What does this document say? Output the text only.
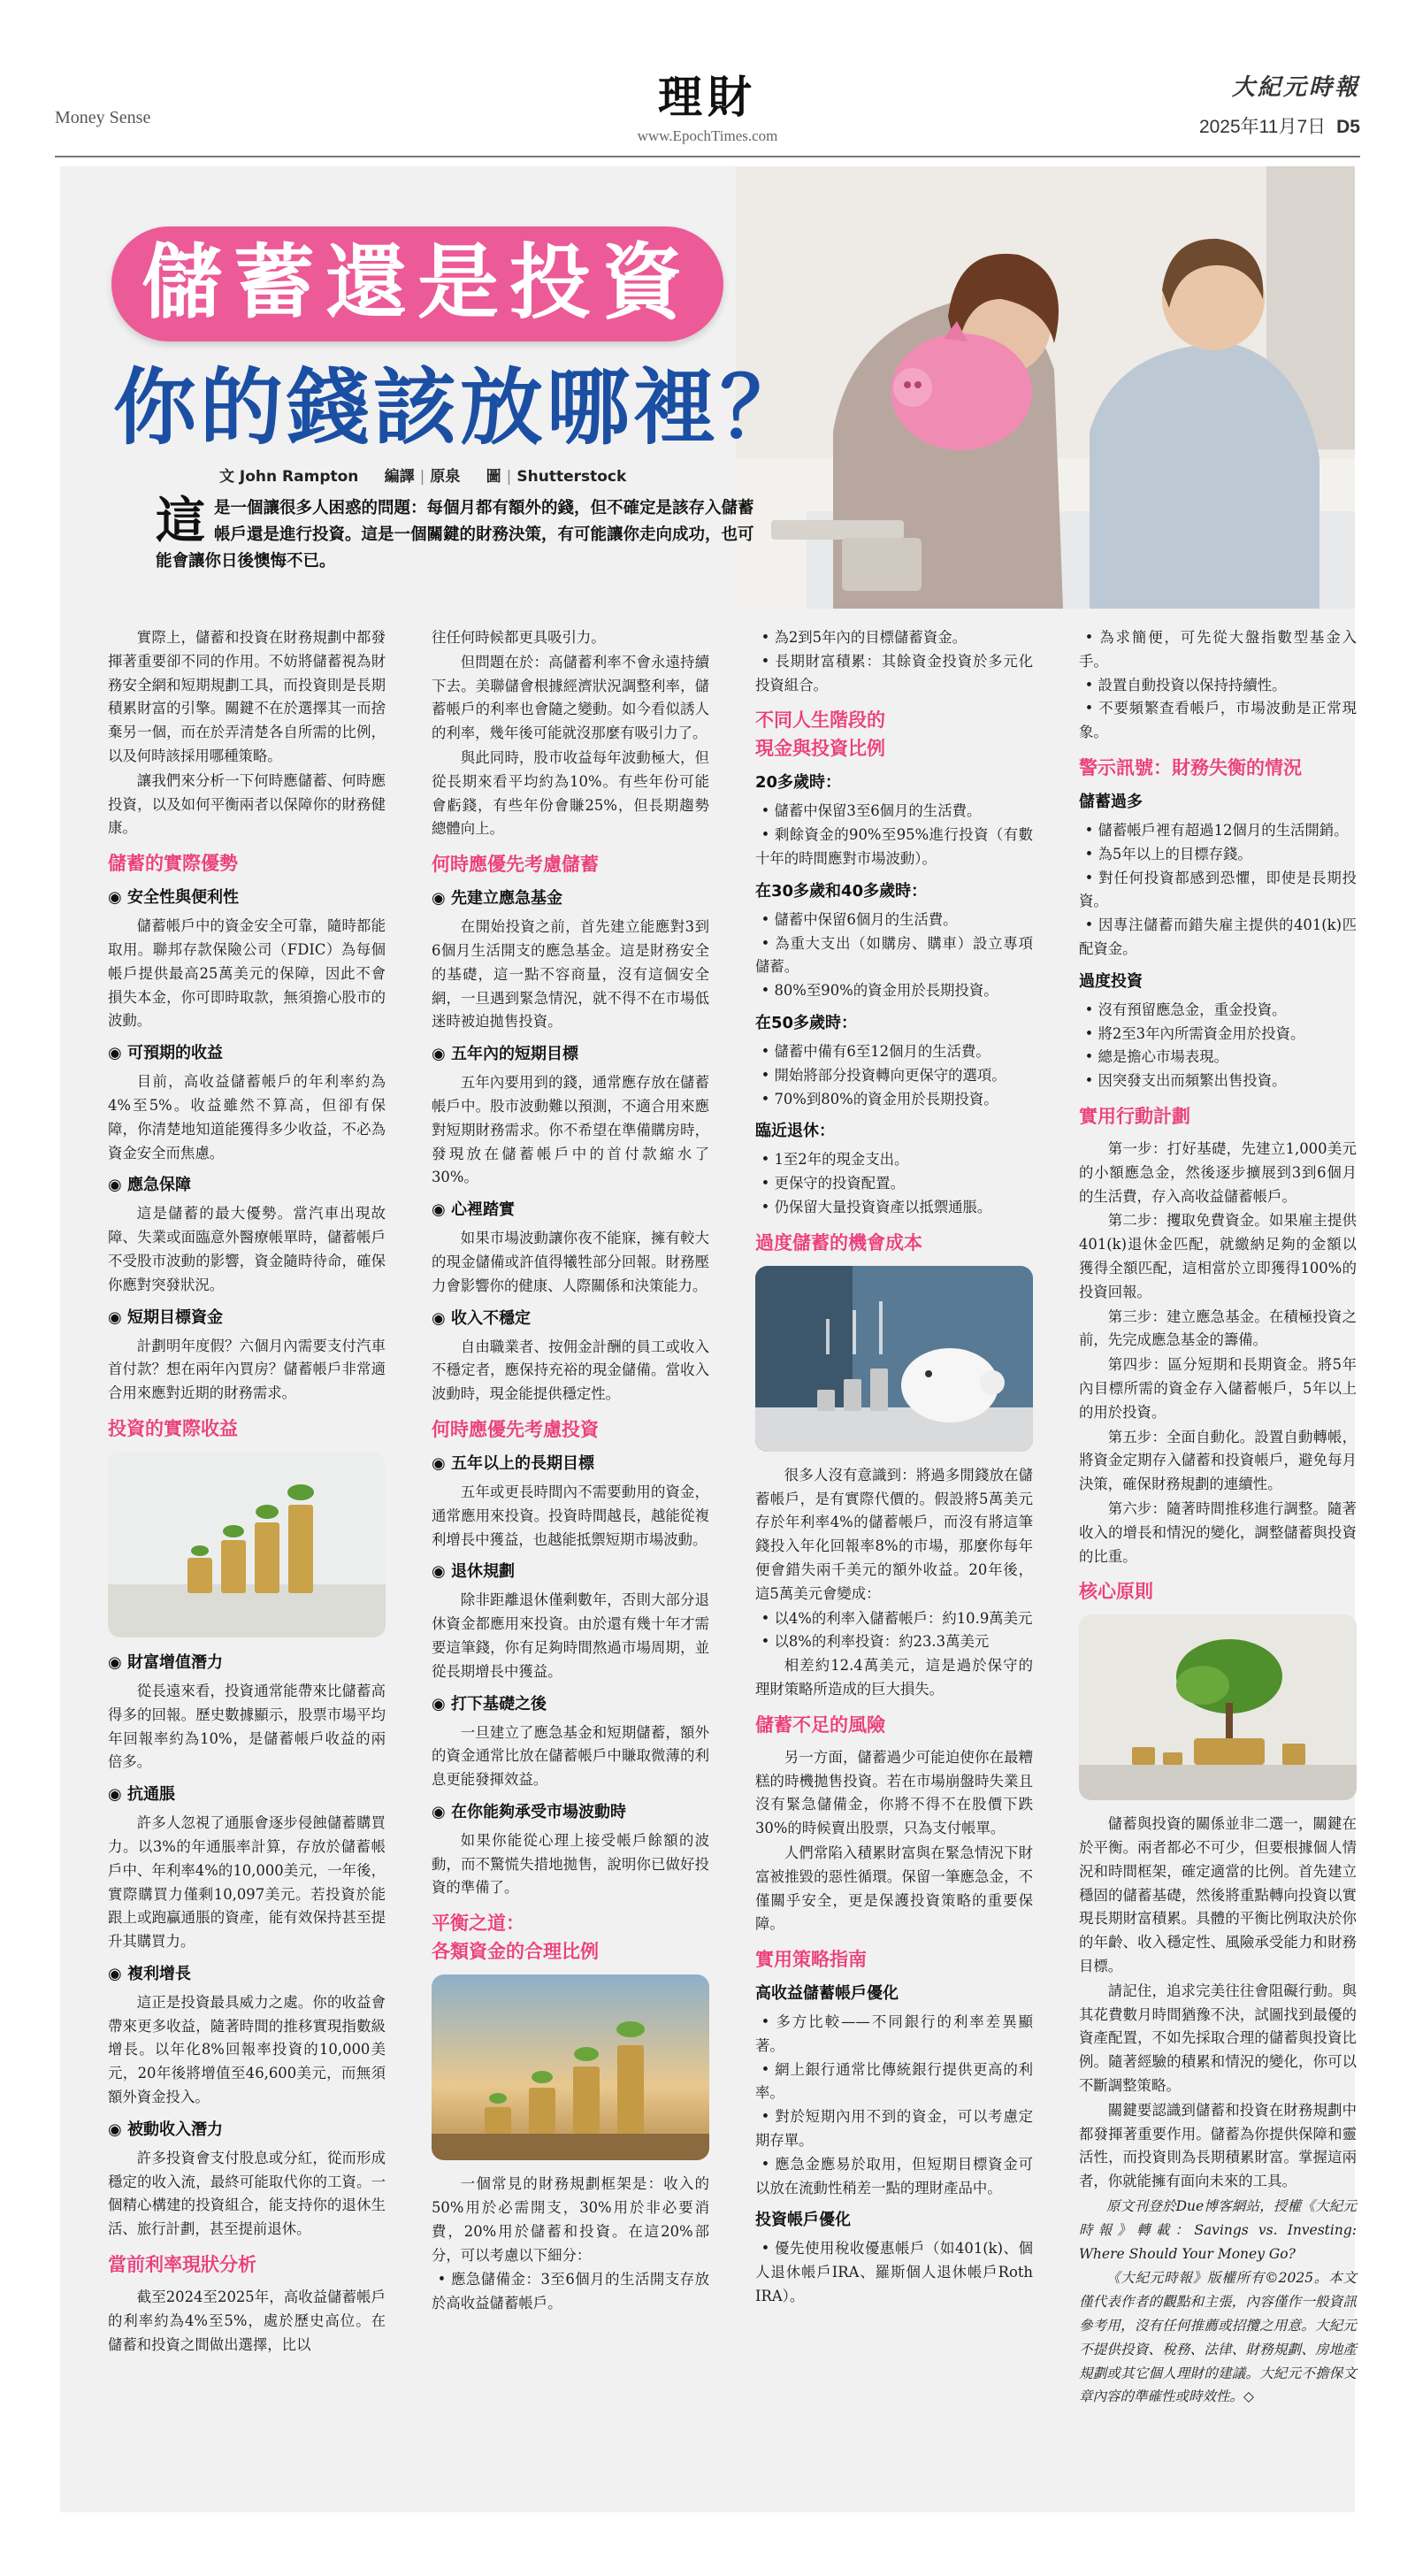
Money Sense	理財
www.EpochTimes.com
大紀元時報
2025年11月7日 D5
儲蓄還是投資
你的錢該放哪裡？
文 John Rampton 編譯 | 原泉 圖 | Shutterstock
這是一個讓很多人困惑的問題：每個月都有額外的錢，但不確定是該存入儲蓄帳戶還是進行投資。這是一個關鍵的財務決策，有可能讓你走向成功，也可能會讓你日後懊悔不已。

實際上，儲蓄和投資在財務規劃中都發揮著重要卻不同的作用。不妨將儲蓄視為財務安全網和短期規劃工具，而投資則是長期積累財富的引擎。關鍵不在於選擇其一而捨棄另一個，而在於弄清楚各自所需的比例，以及何時該採用哪種策略。

讓我們來分析一下何時應儲蓄、何時應投資，以及如何平衡兩者以保障你的財務健康。

儲蓄的實際優勢
◉ 安全性與便利性

儲蓄帳戶中的資金安全可靠，隨時都能取用。聯邦存款保險公司（FDIC）為每個帳戶提供最高25萬美元的保障，因此不會損失本金，你可即時取款，無須擔心股市的波動。

◉ 可預期的收益

目前，高收益儲蓄帳戶的年利率約為4%至5%。收益雖然不算高，但卻有保障，你清楚地知道能獲得多少收益，不必為資金安全而焦慮。

◉ 應急保障

這是儲蓄的最大優勢。當汽車出現故障、失業或面臨意外醫療帳單時，儲蓄帳戶不受股市波動的影響，資金隨時待命，確保你應對突發狀況。

◉ 短期目標資金

計劃明年度假？六個月內需要支付汽車首付款？想在兩年內買房？儲蓄帳戶非常適合用來應對近期的財務需求。

投資的實際收益
◉ 財富增值潛力

從長遠來看，投資通常能帶來比儲蓄高得多的回報。歷史數據顯示，股票市場平均年回報率約為10%，是儲蓄帳戶收益的兩倍多。

◉ 抗通脹

許多人忽視了通脹會逐步侵蝕儲蓄購買力。以3%的年通脹率計算，存放於儲蓄帳戶中、年利率4%的10,000美元，一年後，實際購買力僅剩10,097美元。若投資於能跟上或跑贏通脹的資產，能有效保持甚至提升其購買力。

◉ 複利增長

這正是投資最具威力之處。你的收益會帶來更多收益，隨著時間的推移實現指數級增長。以年化8%回報率投資的10,000美元，20年後將增值至46,600美元，而無須額外資金投入。

◉ 被動收入潛力

許多投資會支付股息或分紅，從而形成穩定的收入流，最終可能取代你的工資。一個精心構建的投資組合，能支持你的退休生活、旅行計劃，甚至提前退休。

當前利率現狀分析

截至2024至2025年，高收益儲蓄帳戶的利率約為4%至5%，處於歷史高位。在儲蓄和投資之間做出選擇，比以

往任何時候都更具吸引力。

但問題在於：高儲蓄利率不會永遠持續下去。美聯儲會根據經濟狀況調整利率，儲蓄帳戶的利率也會隨之變動。如今看似誘人的利率，幾年後可能就沒那麼有吸引力了。

與此同時，股市收益每年波動極大，但從長期來看平均約為10%。有些年份可能會虧錢，有些年份會賺25%，但長期趨勢總體向上。

何時應優先考慮儲蓄
◉ 先建立應急基金

在開始投資之前，首先建立能應對3到6個月生活開支的應急基金。這是財務安全的基礎，這一點不容商量，沒有這個安全網，一旦遇到緊急情況，就不得不在市場低迷時被迫拋售投資。

◉ 五年內的短期目標

五年內要用到的錢，通常應存放在儲蓄帳戶中。股市波動難以預測，不適合用來應對短期財務需求。你不希望在準備購房時，發現放在儲蓄帳戶中的首付款縮水了30%。

◉ 心裡踏實

如果市場波動讓你夜不能寐，擁有較大的現金儲備或許值得犧牲部分回報。財務壓力會影響你的健康、人際關係和決策能力。

◉ 收入不穩定

自由職業者、按佣金計酬的員工或收入不穩定者，應保持充裕的現金儲備。當收入波動時，現金能提供穩定性。

何時應優先考慮投資
◉ 五年以上的長期目標

五年或更長時間內不需要動用的資金，通常應用來投資。投資時間越長，越能從複利增長中獲益，也越能抵禦短期市場波動。

◉ 退休規劃

除非距離退休僅剩數年，否則大部分退休資金都應用來投資。由於還有幾十年才需要這筆錢，你有足夠時間熬過市場周期，並從長期增長中獲益。

◉ 打下基礎之後

一旦建立了應急基金和短期儲蓄，額外的資金通常比放在儲蓄帳戶中賺取微薄的利息更能發揮效益。

◉ 在你能夠承受市場波動時

如果你能從心理上接受帳戶餘額的波動，而不驚慌失措地拋售，說明你已做好投資的準備了。

平衡之道：
各類資金的合理比例

一個常見的財務規劃框架是：收入的50%用於必需開支，30%用於非必要消費，20%用於儲蓄和投資。在這20%部分，可以考慮以下細分：

• 應急儲備金：3至6個月的生活開支存放於高收益儲蓄帳戶。
• 為2到5年內的目標儲蓄資金。
• 長期財富積累：其餘資金投資於多元化投資組合。
不同人生階段的
現金與投資比例
20多歲時：
• 儲蓄中保留3至6個月的生活費。
• 剩餘資金的90%至95%進行投資（有數十年的時間應對市場波動）。
在30多歲和40多歲時：
• 儲蓄中保留6個月的生活費。
• 為重大支出（如購房、購車）設立專項儲蓄。
• 80%至90%的資金用於長期投資。
在50多歲時：
• 儲蓄中備有6至12個月的生活費。
• 開始將部分投資轉向更保守的選項。
• 70%到80%的資金用於長期投資。
臨近退休：
• 1至2年的現金支出。
• 更保守的投資配置。
• 仍保留大量投資資產以抵禦通脹。
過度儲蓄的機會成本

很多人沒有意識到：將過多閒錢放在儲蓄帳戶，是有實際代價的。假設將5萬美元存於年利率4%的儲蓄帳戶，而沒有將這筆錢投入年化回報率8%的市場，那麼你每年便會錯失兩千美元的額外收益。20年後，這5萬美元會變成：

• 以4%的利率入儲蓄帳戶：約10.9萬美元
• 以8%的利率投資：約23.3萬美元

相差約12.4萬美元，這是過於保守的理財策略所造成的巨大損失。

儲蓄不足的風險

另一方面，儲蓄過少可能迫使你在最糟糕的時機拋售投資。若在市場崩盤時失業且沒有緊急儲備金，你將不得不在股價下跌30%的時候賣出股票，只為支付帳單。

人們常陷入積累財富與在緊急情況下財富被推毀的惡性循環。保留一筆應急金，不僅關乎安全，更是保護投資策略的重要保障。

實用策略指南
高收益儲蓄帳戶優化
• 多方比較——不同銀行的利率差異顯著。
• 網上銀行通常比傳統銀行提供更高的利率。
• 對於短期內用不到的資金，可以考慮定期存單。
• 應急金應易於取用，但短期目標資金可以放在流動性稍差一點的理財產品中。
投資帳戶優化
• 優先使用稅收優惠帳戶（如401(k)、個人退休帳戶IRA、羅斯個人退休帳戶Roth IRA）。
• 為求簡便，可先從大盤指數型基金入手。
• 設置自動投資以保持持續性。
• 不要頻繁查看帳戶，市場波動是正常現象。
警示訊號：財務失衡的情況
儲蓄過多
• 儲蓄帳戶裡有超過12個月的生活開銷。
• 為5年以上的目標存錢。
• 對任何投資都感到恐懼，即使是長期投資。
• 因專注儲蓄而錯失雇主提供的401(k)匹配資金。
過度投資
• 沒有預留應急金，重金投資。
• 將2至3年內所需資金用於投資。
• 總是擔心市場表現。
• 因突發支出而頻繁出售投資。
實用行動計劃

第一步：打好基礎，先建立1,000美元的小額應急金，然後逐步擴展到3到6個月的生活費，存入高收益儲蓄帳戶。

第二步：攫取免費資金。如果雇主提供401(k)退休金匹配，就繳納足夠的金額以獲得全額匹配，這相當於立即獲得100%的投資回報。

第三步：建立應急基金。在積極投資之前，先完成應急基金的籌備。

第四步：區分短期和長期資金。將5年內目標所需的資金存入儲蓄帳戶，5年以上的用於投資。

第五步：全面自動化。設置自動轉帳，將資金定期存入儲蓄和投資帳戶，避免每月決策，確保財務規劃的連續性。

第六步：隨著時間推移進行調整。隨著收入的增長和情況的變化，調整儲蓄與投資的比重。

核心原則

儲蓄與投資的關係並非二選一，關鍵在於平衡。兩者都必不可少，但要根據個人情況和時間框架，確定適當的比例。首先建立穩固的儲蓄基礎，然後將重點轉向投資以實現長期財富積累。具體的平衡比例取決於你的年齡、收入穩定性、風險承受能力和財務目標。

請記住，追求完美往往會阻礙行動。與其花費數月時間猶豫不決，試圖找到最優的資產配置，不如先採取合理的儲蓄與投資比例。隨著經驗的積累和情況的變化，你可以不斷調整策略。

關鍵要認識到儲蓄和投資在財務規劃中都發揮著重要作用。儲蓄為你提供保障和靈活性，而投資則為長期積累財富。掌握這兩者，你就能擁有面向未來的工具。

原文刊登於Due博客網站，授權《大紀元時報》轉載：Savings vs. Investing: Where Should Your Money Go?

《大紀元時報》版權所有©2025。本文僅代表作者的觀點和主張，內容僅作一般資訊參考用，沒有任何推薦或招攬之用意。大紀元不提供投資、稅務、法律、財務規劃、房地產規劃或其它個人理財的建議。大紀元不擔保文章內容的準確性或時效性。◇
